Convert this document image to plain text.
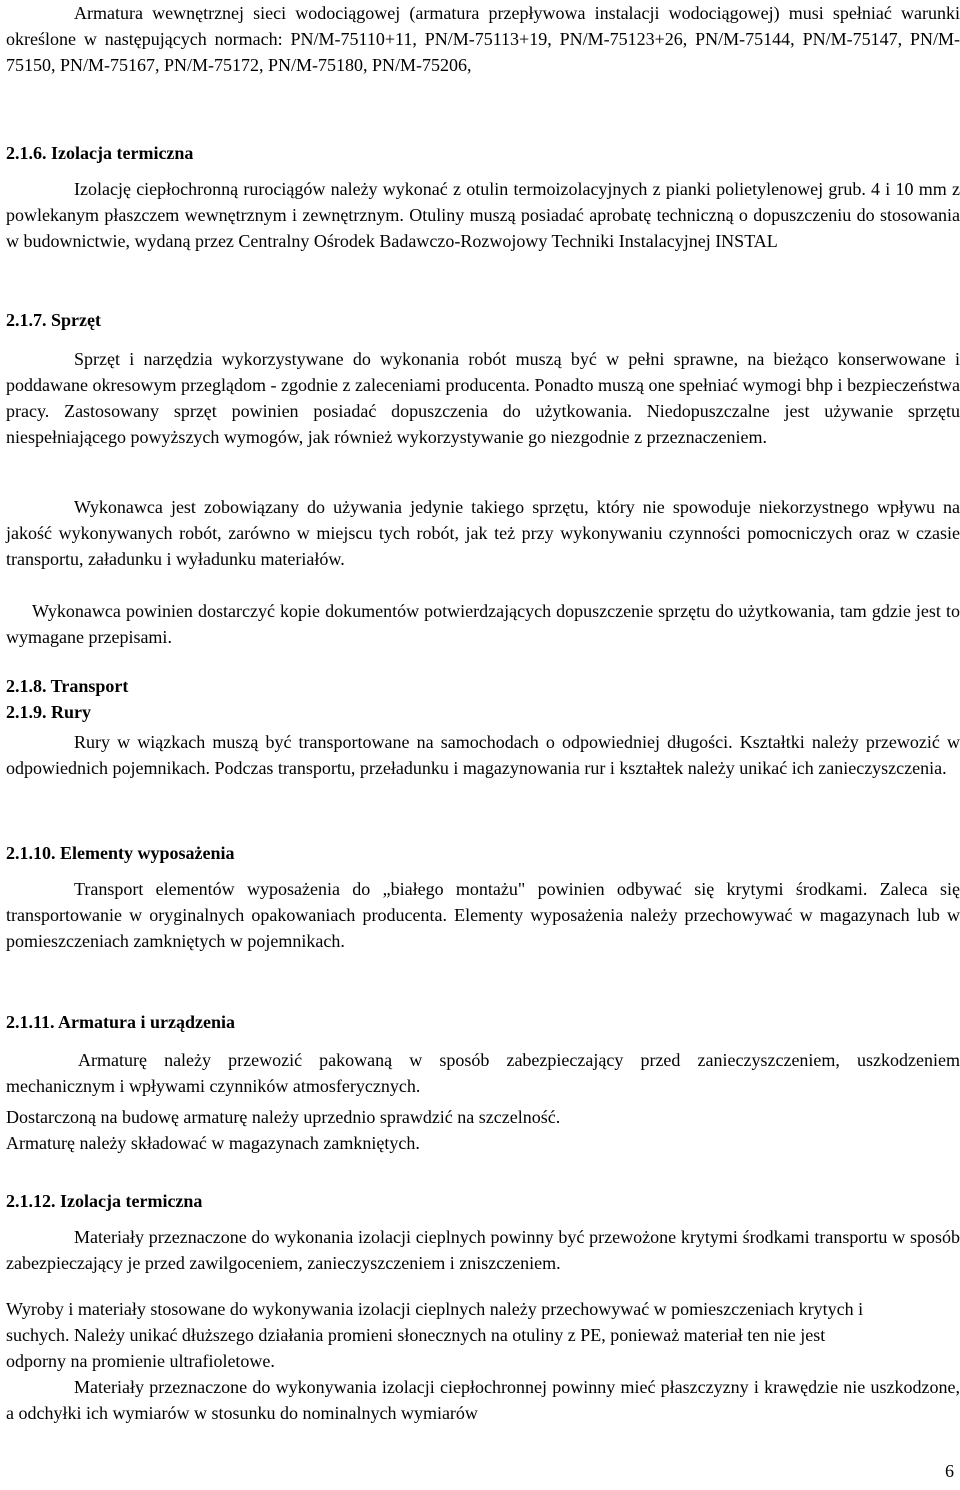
Armatura wewnętrznej sieci wodociągowej (armatura przepływowa instalacji wodociągowej) musi spełniać warunki określone w następujących normach: PN/M-75110+11, PN/M-75113+19, PN/M-75123+26, PN/M-75144, PN/M-75147, PN/M-75150, PN/M-75167, PN/M-75172, PN/M-75180, PN/M-75206,

2.1.6. Izolacja termiczna

Izolację ciepłochronną rurociągów należy wykonać z otulin termoizolacyjnych z pianki polietylenowej grub. 4 i 10 mm z powlekanym płaszczem wewnętrznym i zewnętrznym. Otuliny muszą posiadać aprobatę techniczną o dopuszczeniu do stosowania w budownictwie, wydaną przez Centralny Ośrodek Badawczo-Rozwojowy Techniki Instalacyjnej INSTAL

2.1.7. Sprzęt

Sprzęt i narzędzia wykorzystywane do wykonania robót muszą być w pełni sprawne, na bieżąco konserwowane i poddawane okresowym przeglądom - zgodnie z zaleceniami producenta. Ponadto muszą one spełniać wymogi bhp i bezpieczeństwa pracy. Zastosowany sprzęt powinien posiadać dopuszczenia do użytkowania. Niedopuszczalne jest używanie sprzętu niespełniającego powyższych wymogów, jak również wykorzystywanie go niezgodnie z przeznaczeniem.

Wykonawca jest zobowiązany do używania jedynie takiego sprzętu, który nie spowoduje niekorzystnego wpływu na jakość wykonywanych robót, zarówno w miejscu tych robót, jak też przy wykonywaniu czynności pomocniczych oraz w czasie transportu, załadunku i wyładunku materiałów.

Wykonawca powinien dostarczyć kopie dokumentów potwierdzających dopuszczenie sprzętu do użytkowania, tam gdzie jest to wymagane przepisami.

2.1.8. Transport

2.1.9. Rury

Rury w wiązkach muszą być transportowane na samochodach o odpowiedniej długości. Kształtki należy przewozić w odpowiednich pojemnikach. Podczas transportu, przeładunku i magazynowania rur i kształtek należy unikać ich zanieczyszczenia.

2.1.10. Elementy wyposażenia

Transport elementów wyposażenia do „białego montażu" powinien odbywać się krytymi środkami. Zaleca się transportowanie w oryginalnych opakowaniach producenta. Elementy wyposażenia należy przechowywać w magazynach lub w pomieszczeniach zamkniętych w pojemnikach.

2.1.11. Armatura i urządzenia

Armaturę należy przewozić pakowaną w sposób zabezpieczający przed zanieczyszczeniem, uszkodzeniem mechanicznym i wpływami czynników atmosferycznych.

Dostarczoną na budowę armaturę należy uprzednio sprawdzić na szczelność.

Armaturę należy składować w magazynach zamkniętych.

2.1.12. Izolacja termiczna

Materiały przeznaczone do wykonania izolacji cieplnych powinny być przewożone krytymi środkami transportu w sposób zabezpieczający je przed zawilgoceniem, zanieczyszczeniem i zniszczeniem.

Wyroby i materiały stosowane do wykonywania izolacji cieplnych należy przechowywać w pomieszczeniach krytych i suchych. Należy unikać dłuższego działania promieni słonecznych na otuliny z PE, ponieważ materiał ten nie jest odporny na promienie ultrafioletowe.

Materiały przeznaczone do wykonywania izolacji ciepłochronnej powinny mieć płaszczyzny i krawędzie nie uszkodzone, a odchyłki ich wymiarów w stosunku do nominalnych wymiarów

6
